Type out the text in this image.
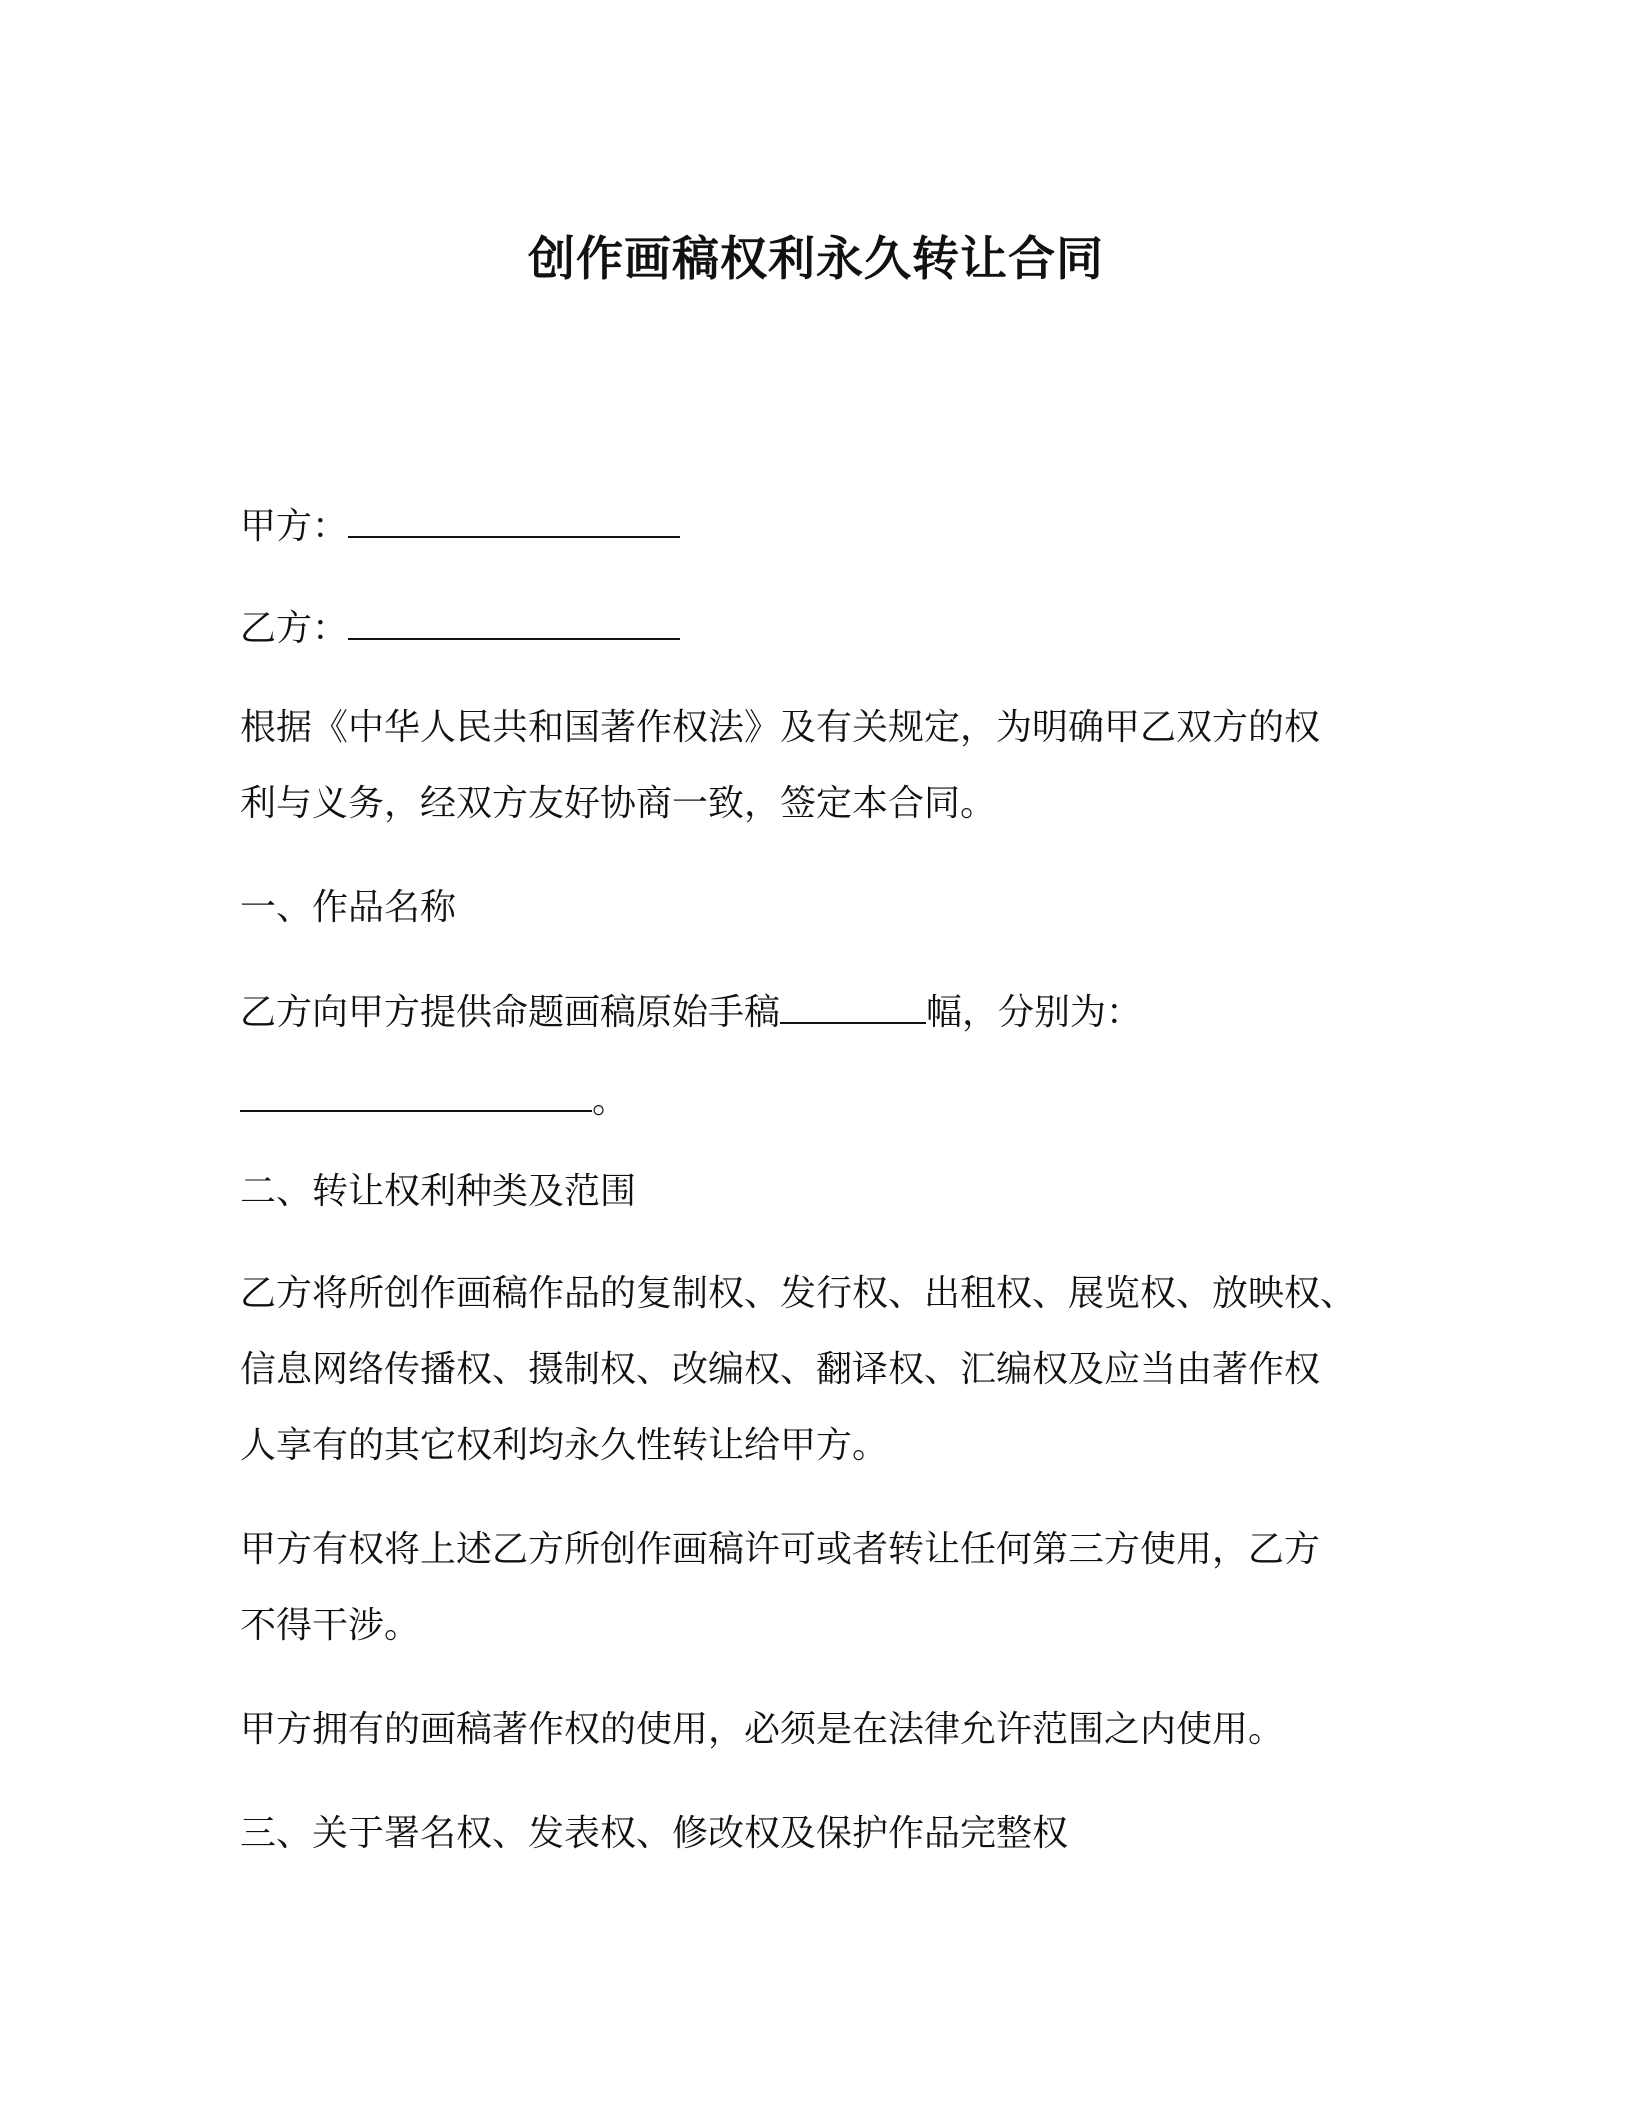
创作画稿权利永久转让合同

甲方：

乙方：

根据《中华人民共和国著作权法》及有关规定，为明确甲乙双方的权

利与义务，经双方友好协商一致，签定本合同。

一、作品名称

乙方向甲方提供命题画稿原始手稿	幅，分别为：

。

二、转让权利种类及范围

乙方将所创作画稿作品的复制权、发行权、出租权、展览权、放映权、

信息网络传播权、摄制权、改编权、翻译权、汇编权及应当由著作权

人享有的其它权利均永久性转让给甲方。

甲方有权将上述乙方所创作画稿许可或者转让任何第三方使用，乙方

不得干涉。

甲方拥有的画稿著作权的使用，必须是在法律允许范围之内使用。

三、关于署名权、发表权、修改权及保护作品完整权
